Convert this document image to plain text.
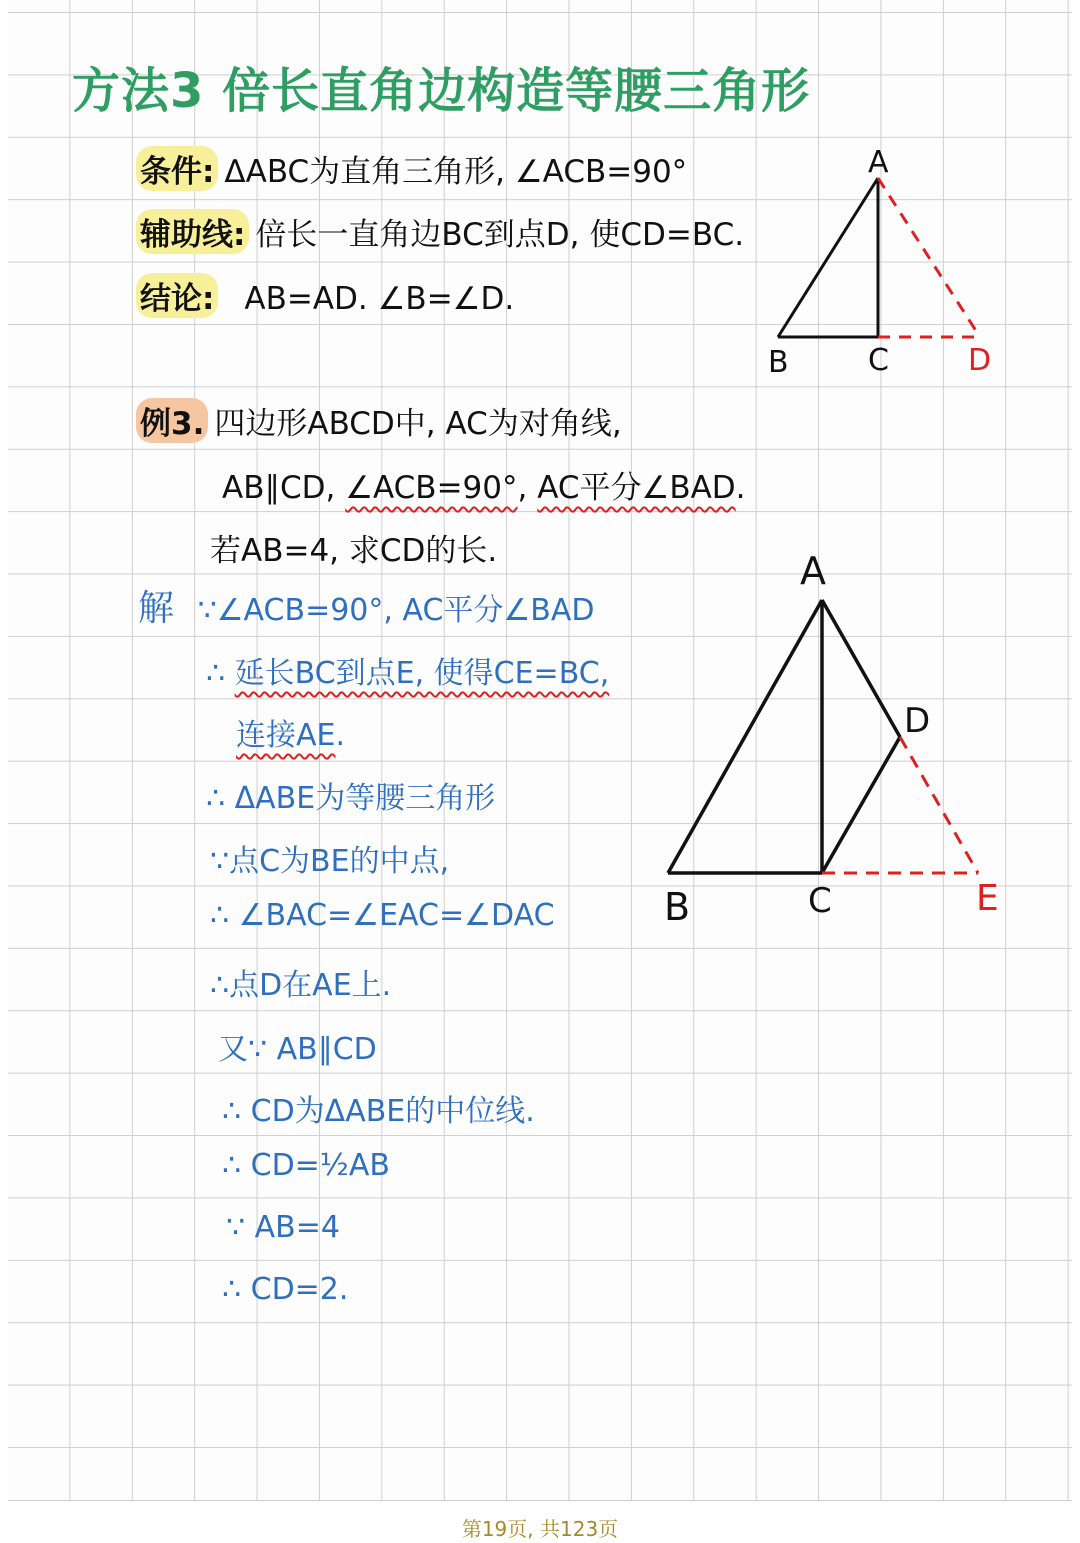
方法3 倍长直角边构造等腰三角形
条件: ΔABC为直角三角形, ∠ACB=90°
辅助线: 倍长一直角边BC到点D, 使CD=BC.
结论: AB=AD. ∠B=∠D.
A
B	C	D
例3. 四边形ABCD中, AC为对角线,
AB∥CD, ∠ACB=90°, AC平分∠BAD.
若AB=4, 求CD的长.
解 ∵∠ACB=90°, AC平分∠BAD
∴ 延长BC到点E, 使得CE=BC,
连接AE.
∴ ΔABE为等腰三角形
∵点C为BE的中点,
∴ ∠BAC=∠EAC=∠DAC
∴点D在AE上.
又∵ AB∥CD
∴ CD为ΔABE的中位线.
∴ CD=½AB
∵ AB=4
∴ CD=2.
A
B	C
D
E
第19页, 共123页
